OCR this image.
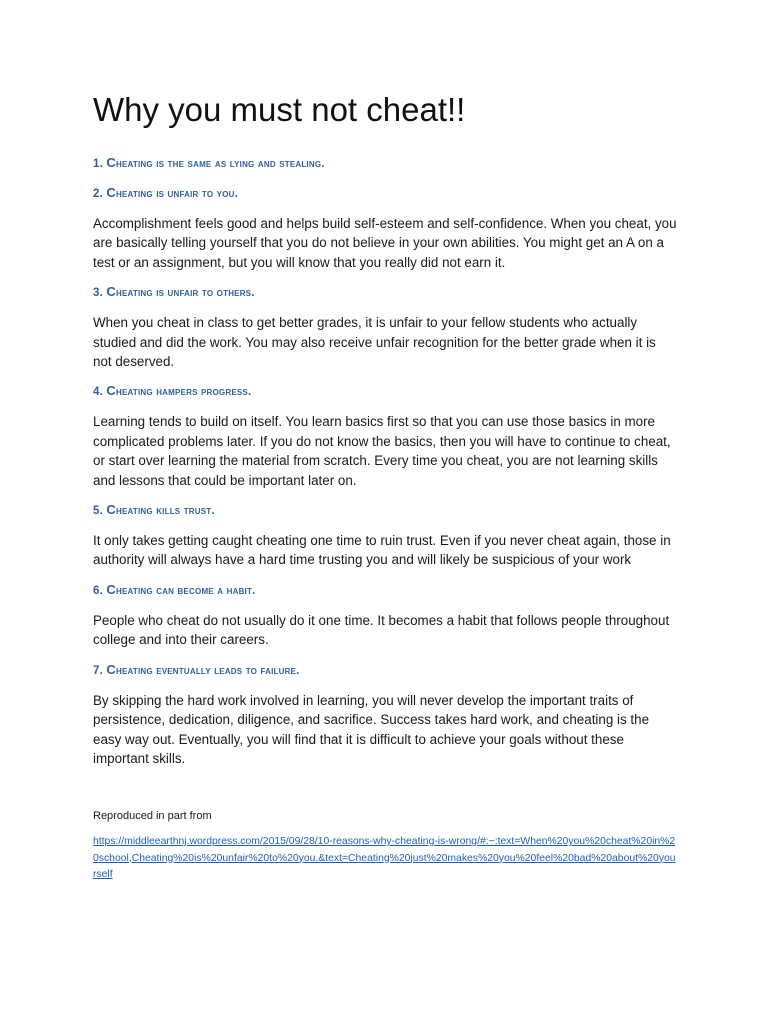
Why you must not cheat!!
1. Cheating is the same as lying and stealing.
2. Cheating is unfair to you.

Accomplishment feels good and helps build self-esteem and self-confidence. When you cheat, you are basically telling yourself that you do not believe in your own abilities. You might get an A on a test or an assignment, but you will know that you really did not earn it.

3. Cheating is unfair to others.

When you cheat in class to get better grades, it is unfair to your fellow students who actually studied and did the work. You may also receive unfair recognition for the better grade when it is not deserved.

4. Cheating hampers progress.

Learning tends to build on itself. You learn basics first so that you can use those basics in more complicated problems later. If you do not know the basics, then you will have to continue to cheat, or start over learning the material from scratch. Every time you cheat, you are not learning skills and lessons that could be important later on.

5. Cheating kills trust.

It only takes getting caught cheating one time to ruin trust. Even if you never cheat again, those in authority will always have a hard time trusting you and will likely be suspicious of your work

6. Cheating can become a habit.

People who cheat do not usually do it one time. It becomes a habit that follows people throughout college and into their careers.

7. Cheating eventually leads to failure.

By skipping the hard work involved in learning, you will never develop the important traits of persistence, dedication, diligence, and sacrifice. Success takes hard work, and cheating is the easy way out. Eventually, you will find that it is difficult to achieve your goals without these important skills.

Reproduced in part from

https://middleearthnj.wordpress.com/2015/09/28/10-reasons-why-cheating-is-wrong/#:~:text=When%20you%20cheat%20in%20school,Cheating%20is%20unfair%20to%20you.&text=Cheating%20just%20makes%20you%20feel%20bad%20about%20yourself
